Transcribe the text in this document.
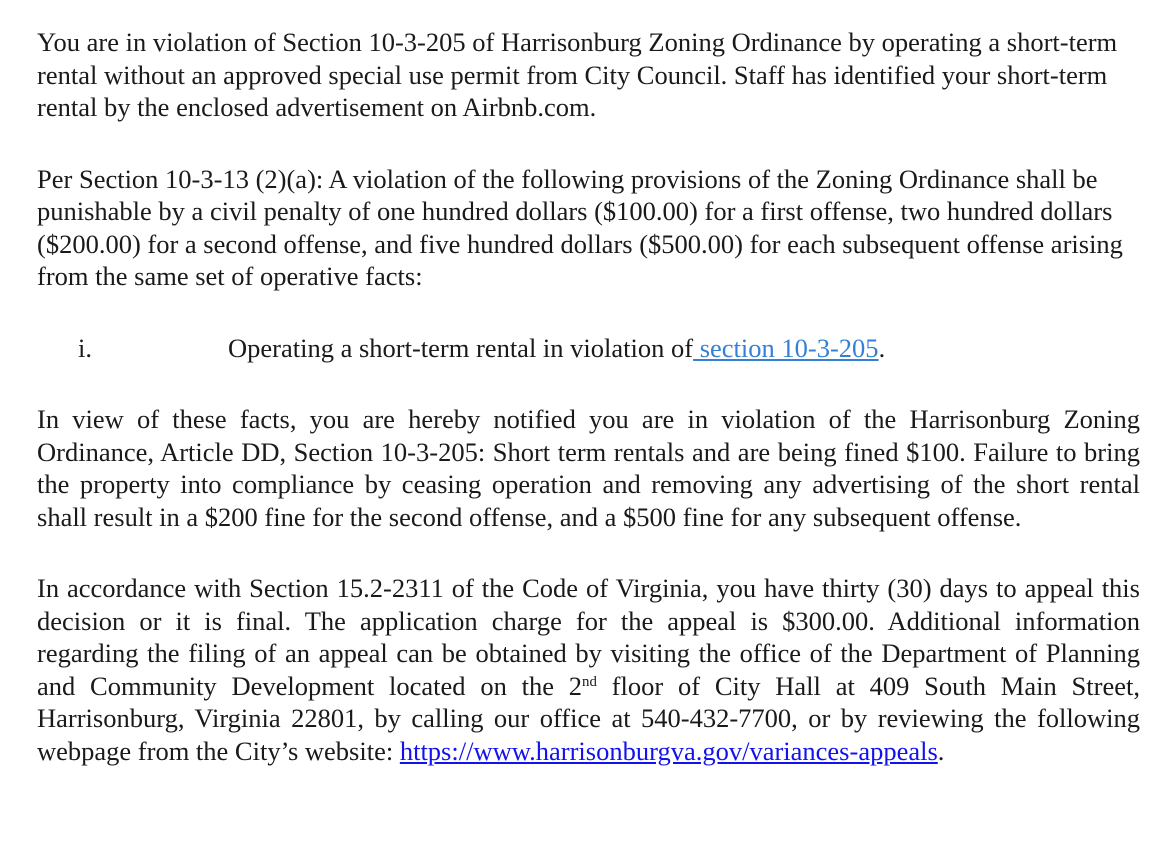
You are in violation of Section 10-3-205 of Harrisonburg Zoning Ordinance by operating a short-term rental without an approved special use permit from City Council. Staff has identified your short-term rental by the enclosed advertisement on Airbnb.com.

Per Section 10-3-13 (2)(a): A violation of the following provisions of the Zoning Ordinance shall be punishable by a civil penalty of one hundred dollars ($100.00) for a first offense, two hundred dollars ($200.00) for a second offense, and five hundred dollars ($500.00) for each subsequent offense arising from the same set of operative facts:

i.	Operating a short-term rental in violation of section 10-3-205.

In view of these facts, you are hereby notified you are in violation of the Harrisonburg Zoning Ordinance, Article DD, Section 10-3-205: Short term rentals and are being fined $100. Failure to bring the property into compliance by ceasing operation and removing any advertising of the short rental shall result in a $200 fine for the second offense, and a $500 fine for any subsequent offense.

In accordance with Section 15.2-2311 of the Code of Virginia, you have thirty (30) days to appeal this decision or it is final. The application charge for the appeal is $300.00. Additional information regarding the filing of an appeal can be obtained by visiting the office of the Department of Planning and Community Development located on the 2nd floor of City Hall at 409 South Main Street, Harrisonburg, Virginia 22801, by calling our office at 540-432-7700, or by reviewing the following webpage from the City’s website: https://www.harrisonburgva.gov/variances-appeals.
